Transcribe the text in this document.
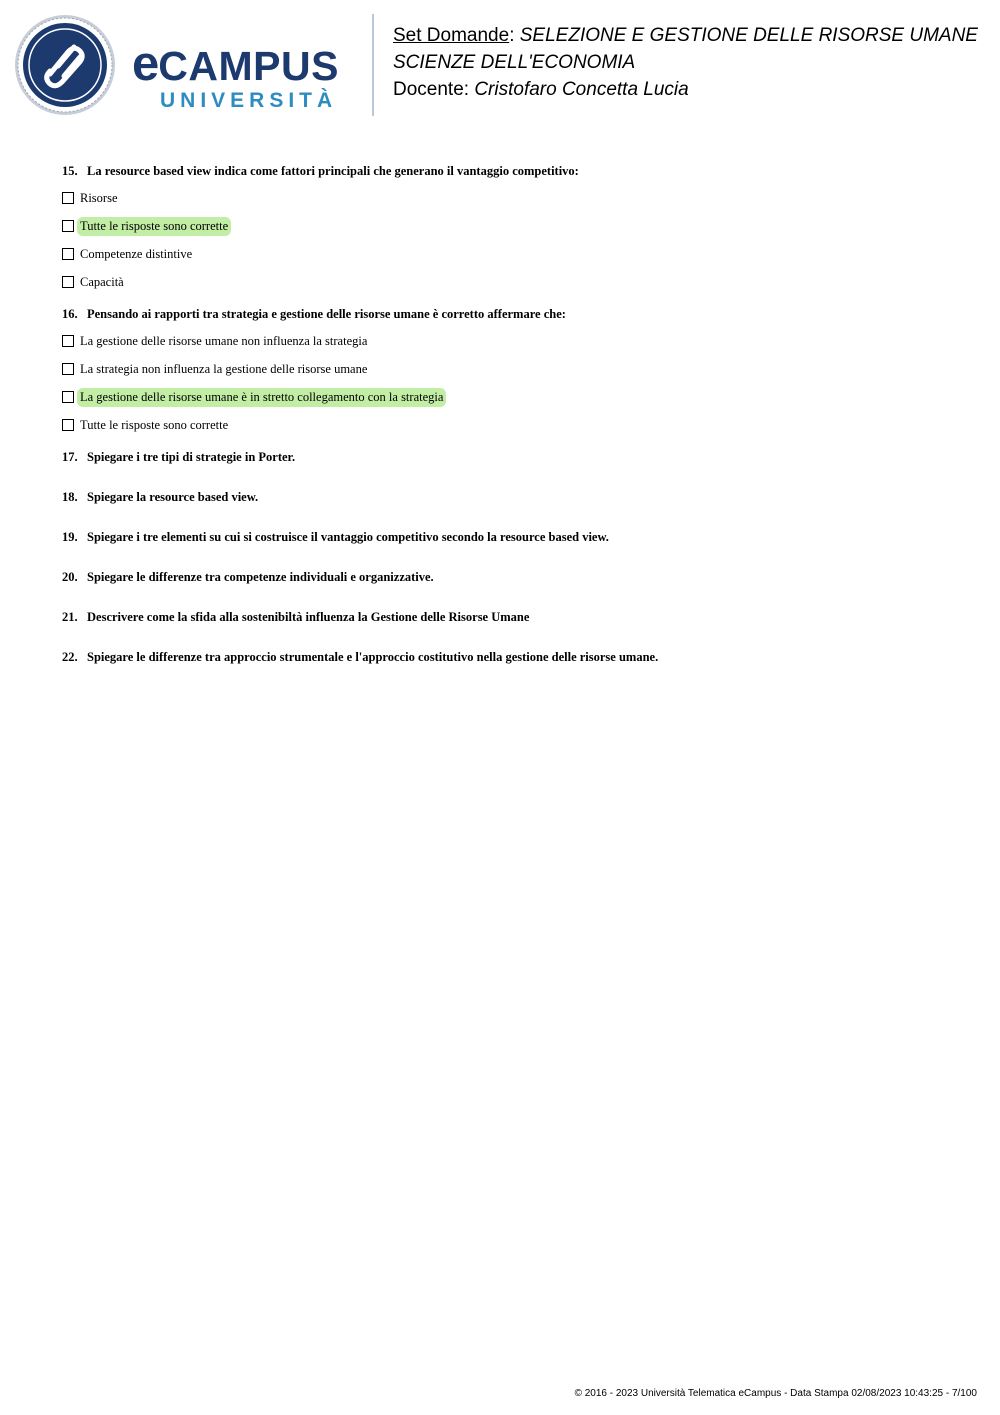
eCAMPUS
UNIVERSITÀ
Set Domande: SELEZIONE E GESTIONE DELLE RISORSE UMANE
SCIENZE DELL'ECONOMIA
Docente: Cristofaro Concetta Lucia
15. La resource based view indica come fattori principali che generano il vantaggio competitivo:
Risorse
Tutte le risposte sono corrette
Competenze distintive
Capacità
16. Pensando ai rapporti tra strategia e gestione delle risorse umane è corretto affermare che:
La gestione delle risorse umane non influenza la strategia
La strategia non influenza la gestione delle risorse umane
La gestione delle risorse umane è in stretto collegamento con la strategia
Tutte le risposte sono corrette
17. Spiegare i tre tipi di strategie in Porter.
18. Spiegare la resource based view.
19. Spiegare i tre elementi su cui si costruisce il vantaggio competitivo secondo la resource based view.
20. Spiegare le differenze tra competenze individuali e organizzative.
21. Descrivere come la sfida alla sostenibiltà influenza la Gestione delle Risorse Umane
22. Spiegare le differenze tra approccio strumentale e l'approccio costitutivo nella gestione delle risorse umane.
© 2016 - 2023 Università Telematica eCampus - Data Stampa 02/08/2023 10:43:25 - 7/100
